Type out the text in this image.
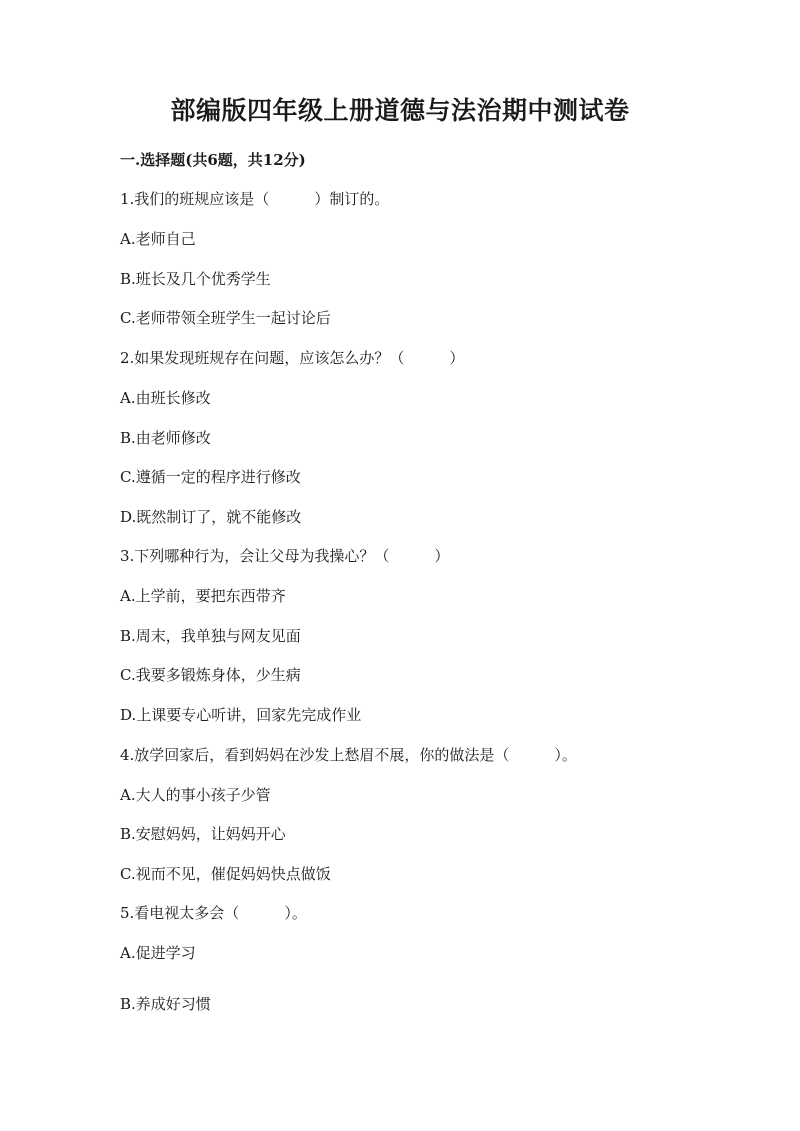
部编版四年级上册道德与法治期中测试卷
一.选择题(共6题，共12分)
1.我们的班规应该是（　　　）制订的。
A.老师自己
B.班长及几个优秀学生
C.老师带领全班学生一起讨论后
2.如果发现班规存在问题，应该怎么办？（　　　）
A.由班长修改
B.由老师修改
C.遵循一定的程序进行修改
D.既然制订了，就不能修改
3.下列哪种行为，会让父母为我操心？（　　　）
A.上学前，要把东西带齐
B.周末，我单独与网友见面
C.我要多锻炼身体，少生病
D.上课要专心听讲，回家先完成作业
4.放学回家后，看到妈妈在沙发上愁眉不展，你的做法是（　　　）。
A.大人的事小孩子少管
B.安慰妈妈，让妈妈开心
C.视而不见，催促妈妈快点做饭
5.看电视太多会（　　　）。
A.促进学习
B.养成好习惯
